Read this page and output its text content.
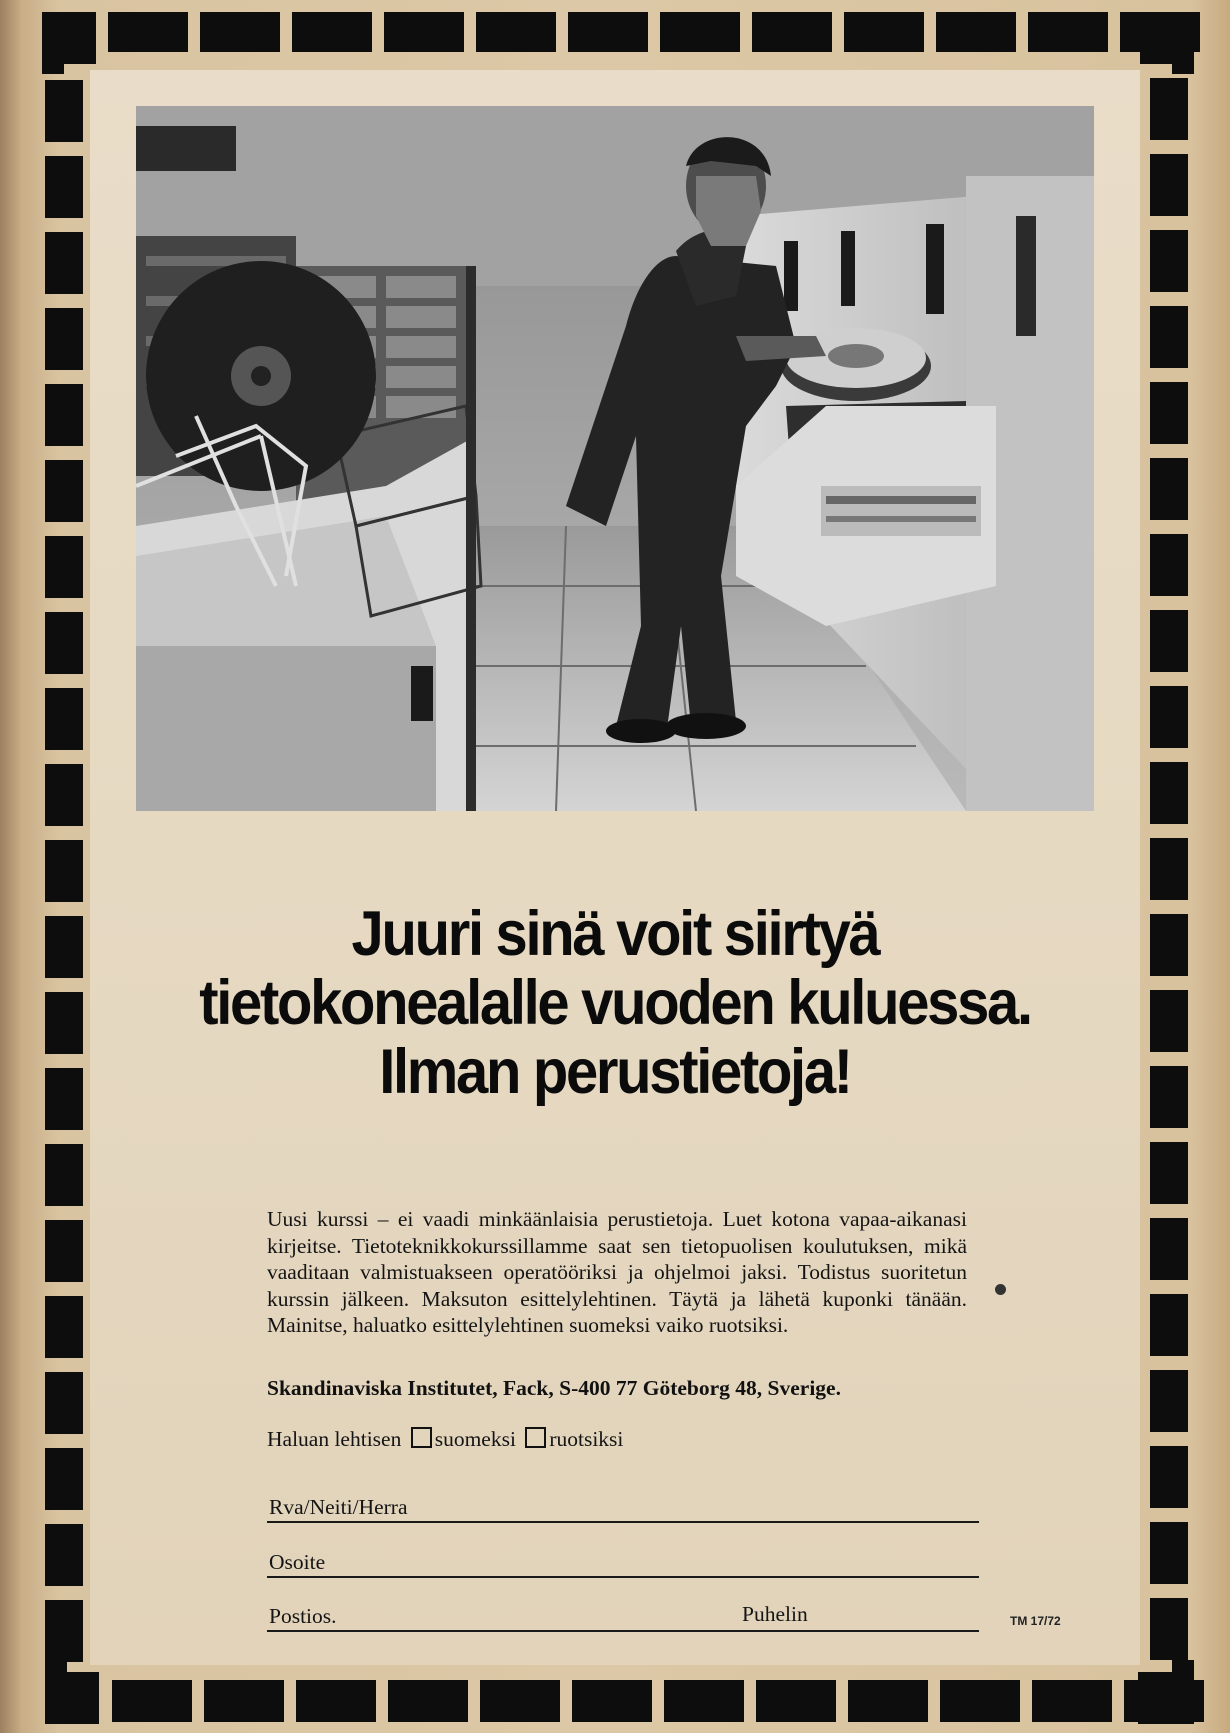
Juuri sinä voit siirtyä
tietokonealalle vuoden kuluessa.
Ilman perustietoja!
Uusi kurssi – ei vaadi minkäänlaisia perustietoja. Luet kotona vapaa-aikanasi kirjeitse. Tietoteknikkokurssillamme saat sen tietopuolisen koulutuksen, mikä vaaditaan valmistuakseen operatööriksi ja ohjelmoi jaksi. Todistus suoritetun kurssin jälkeen. Maksuton esittelylehtinen. Täytä ja lähetä kuponki tänään. Mainitse, haluatko esittelylehtinen suomeksi vaiko ruotsiksi.
Skandinaviska Institutet, Fack, S-400 77 Göteborg 48, Sverige.
Haluan lehtisen suomeksi ruotsiksi
Rva/Neiti/Herra
Osoite
Postios.	Puhelin	TM 17/72
